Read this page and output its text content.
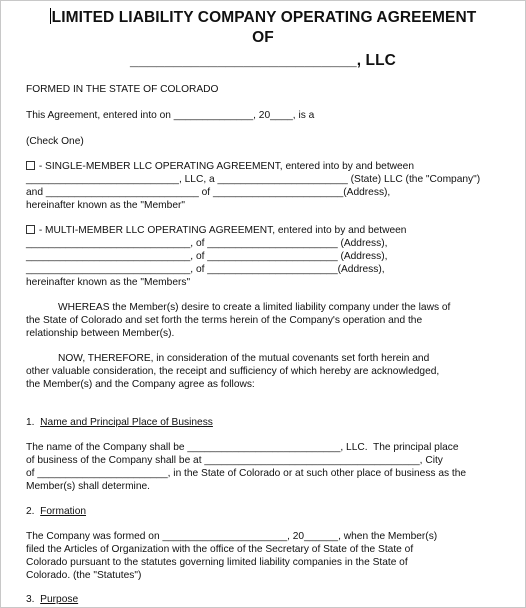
LIMITED LIABILITY COMPANY OPERATING AGREEMENT
OF
__________________________, LLC
FORMED IN THE STATE OF COLORADO
This Agreement, entered into on ______________, 20____, is a
(Check One)
- SINGLE-MEMBER LLC OPERATING AGREEMENT, entered into by and between
___________________________, LLC, a _______________________ (State) LLC (the "Company")
and ___________________________ of _______________________(Address),
hereinafter known as the "Member"
- MULTI-MEMBER LLC OPERATING AGREEMENT, entered into by and between
_____________________________, of _______________________ (Address),
_____________________________, of _______________________ (Address),
_____________________________, of _______________________(Address),
hereinafter known as the "Members"
WHEREAS the Member(s) desire to create a limited liability company under the laws of
the State of Colorado and set forth the terms herein of the Company's operation and the
relationship between Member(s).
NOW, THEREFORE, in consideration of the mutual covenants set forth herein and
other valuable consideration, the receipt and sufficiency of which hereby are acknowledged,
the Member(s) and the Company agree as follows:
1. Name and Principal Place of Business
The name of the Company shall be ___________________________, LLC.  The principal place
of business of the Company shall be at ______________________________________, City
of _______________________, in the State of Colorado or at such other place of business as the
Member(s) shall determine.
2. Formation
The Company was formed on ______________________, 20______, when the Member(s)
filed the Articles of Organization with the office of the Secretary of State of the State of
Colorado pursuant to the statutes governing limited liability companies in the State of
Colorado. (the "Statutes")
3. Purpose
